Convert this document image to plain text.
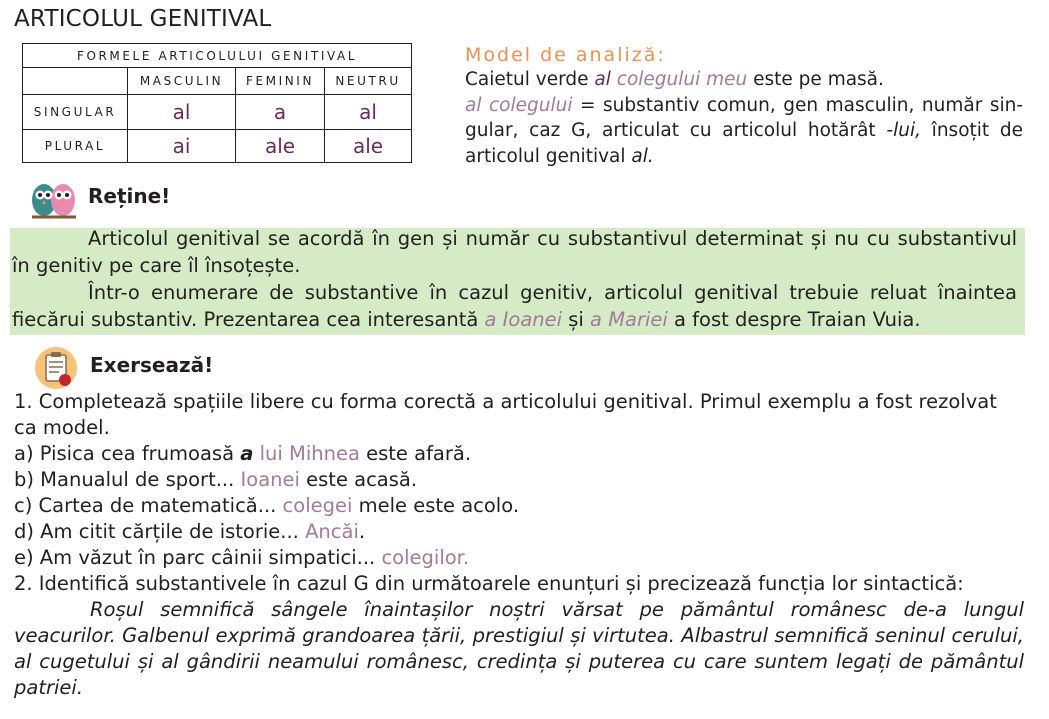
ARTICOLUL GENITIVAL
FORMELE ARTICOLULUI GENITIVAL			
	MASCULIN	FEMININ	NEUTRU
SINGULAR	al	a	al
PLURAL	ai	ale	ale
Model de analiză:
Caietul verde al colegului meu este pe masă.
al colegului = substantiv comun, gen masculin, număr sin-gular, caz G, articulat cu articolul hotărât -lui, însoțit de articolul genitival al.
Reține!
Articolul genitival se acordă în gen și număr cu substantivul determinat și nu cu substantivul în genitiv pe care îl însoțește.
Într-o enumerare de substantive în cazul genitiv, articolul genitival trebuie reluat înaintea fiecărui substantiv. Prezentarea cea interesantă a Ioanei și a Mariei a fost despre Traian Vuia.
Exersează!
1. Completează spațiile libere cu forma corectă a articolului genitival. Primul exemplu a fost rezolvat ca model.
a) Pisica cea frumoasă a lui Mihnea este afară.
b) Manualul de sport... Ioanei este acasă.
c) Cartea de matematică... colegei mele este acolo.
d) Am citit cărțile de istorie... Ancăi.
e) Am văzut în parc câinii simpatici... colegilor.
2. Identifică substantivele în cazul G din următoarele enunțuri și precizează funcția lor sintactică:
Roșul semnifică sângele înaintașilor noștri vărsat pe pământul românesc de-a lungul veacurilor. Galbenul exprimă grandoarea țării, prestigiul și virtutea. Albastrul semnifică seninul cerului, al cugetului și al gândirii neamului românesc, credința și puterea cu care suntem legați de pământul patriei.
